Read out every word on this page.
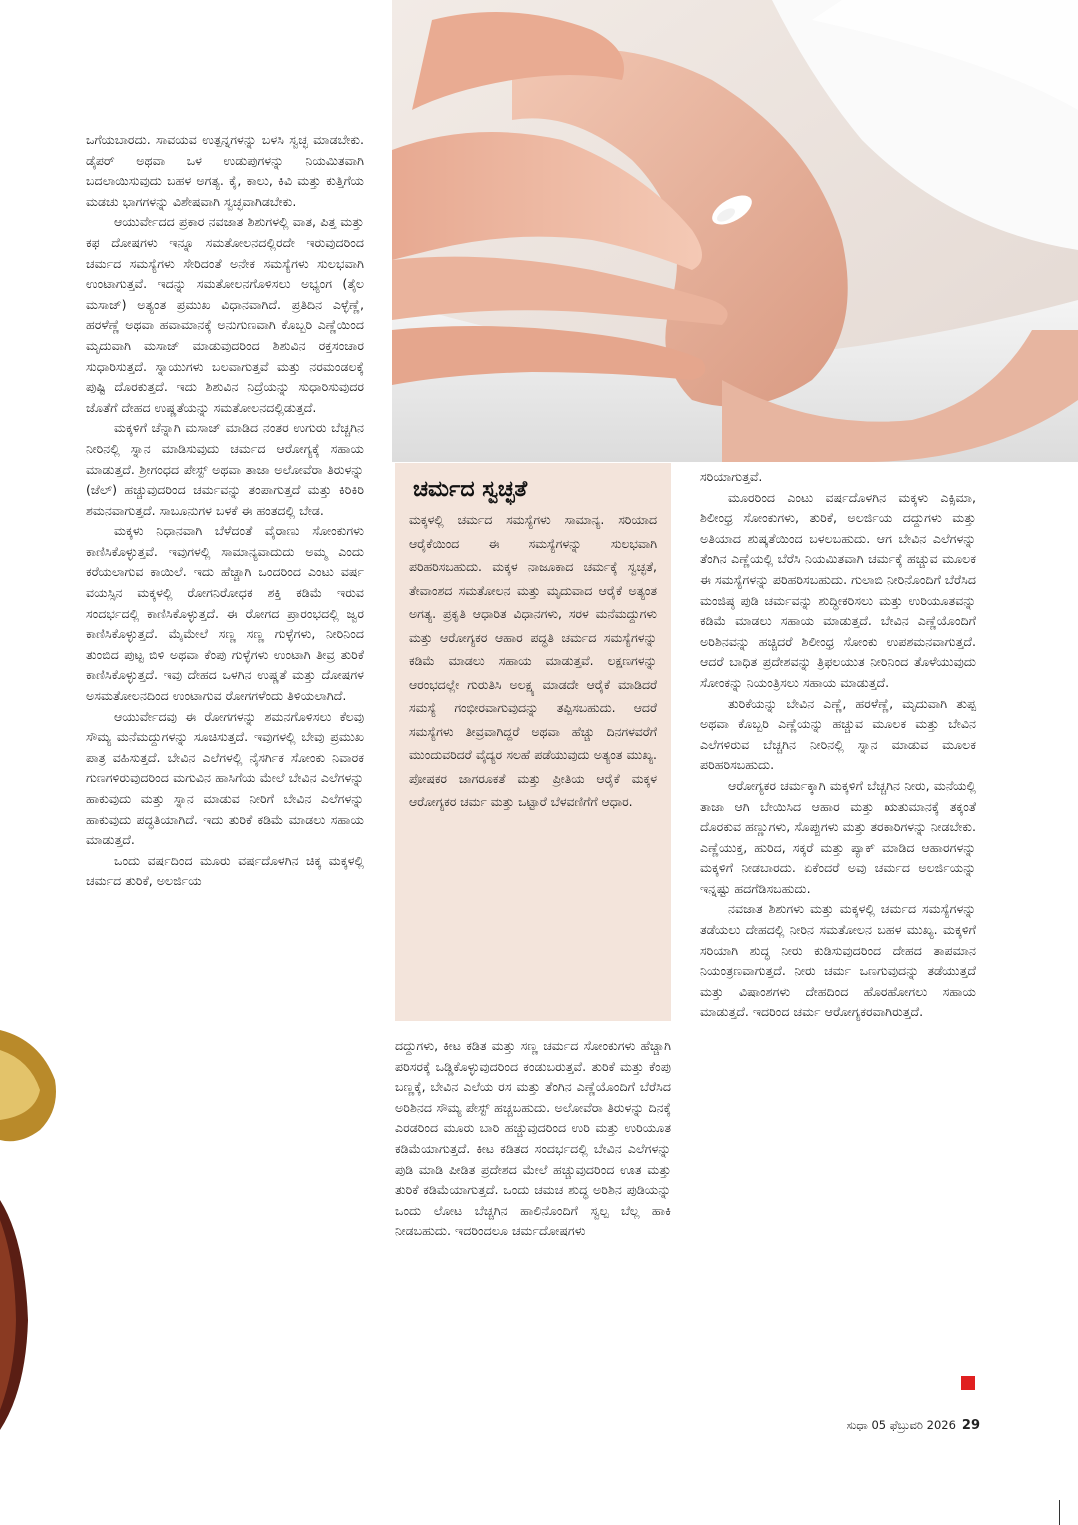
ಒಗೆಯಬಾರದು. ಸಾವಯವ ಉತ್ಪನ್ನಗಳನ್ನು ಬಳಸಿ ಸ್ವಚ್ಛ ಮಾಡಬೇಕು. ಡೈಪರ್ ಅಥವಾ ಒಳ ಉಡುಪುಗಳನ್ನು ನಿಯಮಿತವಾಗಿ ಬದಲಾಯಿಸುವುದು ಬಹಳ ಅಗತ್ಯ. ಕೈ, ಕಾಲು, ಕಿವಿ ಮತ್ತು ಕುತ್ತಿಗೆಯ ಮಡಚು ಭಾಗಗಳನ್ನು ವಿಶೇಷವಾಗಿ ಸ್ವಚ್ಛವಾಗಿಡಬೇಕು.

ಆಯುರ್ವೇದದ ಪ್ರಕಾರ ನವಜಾತ ಶಿಶುಗಳಲ್ಲಿ ವಾತ, ಪಿತ್ತ ಮತ್ತು ಕಫ ದೋಷಗಳು ಇನ್ನೂ ಸಮತೋಲನದಲ್ಲಿರದೇ ಇರುವುದರಿಂದ ಚರ್ಮದ ಸಮಸ್ಯೆಗಳು ಸೇರಿದಂತೆ ಅನೇಕ ಸಮಸ್ಯೆಗಳು ಸುಲಭವಾಗಿ ಉಂಟಾಗುತ್ತವೆ. ಇದನ್ನು ಸಮತೋಲನಗೊಳಿಸಲು ಅಭ್ಯಂಗ (ತೈಲ ಮಸಾಜ್) ಅತ್ಯಂತ ಪ್ರಮುಖ ವಿಧಾನವಾಗಿದೆ. ಪ್ರತಿದಿನ ಎಳ್ಳೆಣ್ಣೆ, ಹರಳೆಣ್ಣೆ ಅಥವಾ ಹವಾಮಾನಕ್ಕೆ ಅನುಗುಣವಾಗಿ ಕೊಬ್ಬರಿ ಎಣ್ಣೆಯಿಂದ ಮೃದುವಾಗಿ ಮಸಾಜ್ ಮಾಡುವುದರಿಂದ ಶಿಶುವಿನ ರಕ್ತಸಂಚಾರ ಸುಧಾರಿಸುತ್ತದೆ. ಸ್ನಾಯುಗಳು ಬಲವಾಗುತ್ತವೆ ಮತ್ತು ನರಮಂಡಲಕ್ಕೆ ಪುಷ್ಟಿ ದೊರಕುತ್ತದೆ. ಇದು ಶಿಶುವಿನ ನಿದ್ರೆಯನ್ನು ಸುಧಾರಿಸುವುದರ ಜೊತೆಗೆ ದೇಹದ ಉಷ್ಣತೆಯನ್ನು ಸಮತೋಲನದಲ್ಲಿಡುತ್ತದೆ.

ಮಕ್ಕಳಿಗೆ ಚೆನ್ನಾಗಿ ಮಸಾಜ್ ಮಾಡಿದ ನಂತರ ಉಗುರು ಬೆಚ್ಚಗಿನ ನೀರಿನಲ್ಲಿ ಸ್ನಾನ ಮಾಡಿಸುವುದು ಚರ್ಮದ ಆರೋಗ್ಯಕ್ಕೆ ಸಹಾಯ ಮಾಡುತ್ತದೆ. ಶ್ರೀಗಂಧದ ಪೇಸ್ಟ್ ಅಥವಾ ತಾಜಾ ಅಲೋವೆರಾ ತಿರುಳನ್ನು (ಜೆಲ್) ಹಚ್ಚುವುದರಿಂದ ಚರ್ಮವನ್ನು ತಂಪಾಗುತ್ತದೆ ಮತ್ತು ಕಿರಿಕಿರಿ ಶಮನವಾಗುತ್ತದೆ. ಸಾಬೂನುಗಳ ಬಳಕೆ ಈ ಹಂತದಲ್ಲಿ ಬೇಡ.

ಮಕ್ಕಳು ನಿಧಾನವಾಗಿ ಬೆಳೆದಂತೆ ವೈರಾಣು ಸೋಂಕುಗಳು ಕಾಣಿಸಿಕೊಳ್ಳುತ್ತವೆ. ಇವುಗಳಲ್ಲಿ ಸಾಮಾನ್ಯವಾದುದು ಅಮ್ಮ ಎಂದು ಕರೆಯಲಾಗುವ ಕಾಯಿಲೆ. ಇದು ಹೆಚ್ಚಾಗಿ ಒಂದರಿಂದ ಎಂಟು ವರ್ಷ ವಯಸ್ಸಿನ ಮಕ್ಕಳಲ್ಲಿ ರೋಗನಿರೋಧಕ ಶಕ್ತಿ ಕಡಿಮೆ ಇರುವ ಸಂದರ್ಭದಲ್ಲಿ ಕಾಣಿಸಿಕೊಳ್ಳುತ್ತದೆ. ಈ ರೋಗದ ಪ್ರಾರಂಭದಲ್ಲಿ ಜ್ವರ ಕಾಣಿಸಿಕೊಳ್ಳುತ್ತದೆ. ಮೈಮೇಲೆ ಸಣ್ಣ ಸಣ್ಣ ಗುಳ್ಳೆಗಳು, ನೀರಿನಿಂದ ತುಂಬಿದ ಪುಟ್ಟ ಬಿಳಿ ಅಥವಾ ಕೆಂಪು ಗುಳ್ಳೆಗಳು ಉಂಟಾಗಿ ತೀವ್ರ ತುರಿಕೆ ಕಾಣಿಸಿಕೊಳ್ಳುತ್ತದೆ. ಇವು ದೇಹದ ಒಳಗಿನ ಉಷ್ಣತೆ ಮತ್ತು ದೋಷಗಳ ಅಸಮತೋಲನದಿಂದ ಉಂಟಾಗುವ ರೋಗಗಳೆಂದು ತಿಳಿಯಲಾಗಿದೆ.

ಆಯುರ್ವೇದವು ಈ ರೋಗಗಳನ್ನು ಶಮನಗೊಳಿಸಲು ಕೆಲವು ಸೌಮ್ಯ ಮನೆಮದ್ದುಗಳನ್ನು ಸೂಚಿಸುತ್ತದೆ. ಇವುಗಳಲ್ಲಿ ಬೇವು ಪ್ರಮುಖ ಪಾತ್ರ ವಹಿಸುತ್ತದೆ. ಬೇವಿನ ಎಲೆಗಳಲ್ಲಿ ನೈಸರ್ಗಿಕ ಸೋಂಕು ನಿವಾರಕ ಗುಣಗಳಿರುವುದರಿಂದ ಮಗುವಿನ ಹಾಸಿಗೆಯ ಮೇಲೆ ಬೇವಿನ ಎಲೆಗಳನ್ನು ಹಾಕುವುದು ಮತ್ತು ಸ್ನಾನ ಮಾಡುವ ನೀರಿಗೆ ಬೇವಿನ ಎಲೆಗಳನ್ನು ಹಾಕುವುದು ಪದ್ಧತಿಯಾಗಿದೆ. ಇದು ತುರಿಕೆ ಕಡಿಮೆ ಮಾಡಲು ಸಹಾಯ ಮಾಡುತ್ತದೆ.

ಒಂದು ವರ್ಷದಿಂದ ಮೂರು ವರ್ಷದೊಳಗಿನ ಚಿಕ್ಕ ಮಕ್ಕಳಲ್ಲಿ ಚರ್ಮದ ತುರಿಕೆ, ಅಲರ್ಜಿಯ

ಚರ್ಮದ ಸ್ವಚ್ಛತೆ
ಮಕ್ಕಳಲ್ಲಿ ಚರ್ಮದ ಸಮಸ್ಯೆಗಳು ಸಾಮಾನ್ಯ. ಸರಿಯಾದ ಆರೈಕೆಯಿಂದ ಈ ಸಮಸ್ಯೆಗಳನ್ನು ಸುಲಭವಾಗಿ ಪರಿಹರಿಸಬಹುದು. ಮಕ್ಕಳ ನಾಜೂಕಾದ ಚರ್ಮಕ್ಕೆ ಸ್ವಚ್ಛತೆ, ತೇವಾಂಶದ ಸಮತೋಲನ ಮತ್ತು ಮೃದುವಾದ ಆರೈಕೆ ಅತ್ಯಂತ ಅಗತ್ಯ. ಪ್ರಕೃತಿ ಆಧಾರಿತ ವಿಧಾನಗಳು, ಸರಳ ಮನೆಮದ್ದುಗಳು ಮತ್ತು ಆರೋಗ್ಯಕರ ಆಹಾರ ಪದ್ಧತಿ ಚರ್ಮದ ಸಮಸ್ಯೆಗಳನ್ನು ಕಡಿಮೆ ಮಾಡಲು ಸಹಾಯ ಮಾಡುತ್ತವೆ. ಲಕ್ಷಣಗಳನ್ನು ಆರಂಭದಲ್ಲೇ ಗುರುತಿಸಿ ಅಲಕ್ಷ್ಯ ಮಾಡದೇ ಆರೈಕೆ ಮಾಡಿದರೆ ಸಮಸ್ಯೆ ಗಂಭೀರವಾಗುವುದನ್ನು ತಪ್ಪಿಸಬಹುದು. ಆದರೆ ಸಮಸ್ಯೆಗಳು ತೀವ್ರವಾಗಿದ್ದರೆ ಅಥವಾ ಹೆಚ್ಚು ದಿನಗಳವರೆಗೆ ಮುಂದುವರಿದರೆ ವೈದ್ಯರ ಸಲಹೆ ಪಡೆಯುವುದು ಅತ್ಯಂತ ಮುಖ್ಯ. ಪೋಷಕರ ಜಾಗರೂಕತೆ ಮತ್ತು ಪ್ರೀತಿಯ ಆರೈಕೆ ಮಕ್ಕಳ ಆರೋಗ್ಯಕರ ಚರ್ಮ ಮತ್ತು ಒಟ್ಟಾರೆ ಬೆಳವಣಿಗೆಗೆ ಆಧಾರ.

ದದ್ದುಗಳು, ಕೀಟ ಕಡಿತ ಮತ್ತು ಸಣ್ಣ ಚರ್ಮದ ಸೋಂಕುಗಳು ಹೆಚ್ಚಾಗಿ ಪರಿಸರಕ್ಕೆ ಒಡ್ಡಿಕೊಳ್ಳುವುದರಿಂದ ಕಂಡುಬರುತ್ತವೆ. ತುರಿಕೆ ಮತ್ತು ಕೆಂಪು ಬಣ್ಣಕ್ಕೆ, ಬೇವಿನ ಎಲೆಯ ರಸ ಮತ್ತು ತೆಂಗಿನ ಎಣ್ಣೆಯೊಂದಿಗೆ ಬೆರೆಸಿದ ಅರಿಶಿನದ ಸೌಮ್ಯ ಪೇಸ್ಟ್ ಹಚ್ಚಬಹುದು. ಅಲೋವೆರಾ ತಿರುಳನ್ನು ದಿನಕ್ಕೆ ಎರಡರಿಂದ ಮೂರು ಬಾರಿ ಹಚ್ಚುವುದರಿಂದ ಉರಿ ಮತ್ತು ಉರಿಯೂತ ಕಡಿಮೆಯಾಗುತ್ತದೆ. ಕೀಟ ಕಡಿತದ ಸಂದರ್ಭದಲ್ಲಿ ಬೇವಿನ ಎಲೆಗಳನ್ನು ಪುಡಿ ಮಾಡಿ ಪೀಡಿತ ಪ್ರದೇಶದ ಮೇಲೆ ಹಚ್ಚುವುದರಿಂದ ಊತ ಮತ್ತು ತುರಿಕೆ ಕಡಿಮೆಯಾಗುತ್ತದೆ. ಒಂದು ಚಮಚ ಶುದ್ಧ ಅರಿಶಿನ ಪುಡಿಯನ್ನು ಒಂದು ಲೋಟ ಬೆಚ್ಚಗಿನ ಹಾಲಿನೊಂದಿಗೆ ಸ್ವಲ್ಪ ಬೆಲ್ಲ ಹಾಕಿ ನೀಡಬಹುದು. ಇದರಿಂದಲೂ ಚರ್ಮದೋಷಗಳು

ಸರಿಯಾಗುತ್ತವೆ.

ಮೂರರಿಂದ ಎಂಟು ವರ್ಷದೊಳಗಿನ ಮಕ್ಕಳು ಎಕ್ಸಿಮಾ, ಶಿಲೀಂಧ್ರ ಸೋಂಕುಗಳು, ತುರಿಕೆ, ಅಲರ್ಜಿಯ ದದ್ದುಗಳು ಮತ್ತು ಅತಿಯಾದ ಶುಷ್ಕತೆಯಿಂದ ಬಳಲಬಹುದು. ಆಗ ಬೇವಿನ ಎಲೆಗಳನ್ನು ತೆಂಗಿನ ಎಣ್ಣೆಯಲ್ಲಿ ಬೆರೆಸಿ ನಿಯಮಿತವಾಗಿ ಚರ್ಮಕ್ಕೆ ಹಚ್ಚುವ ಮೂಲಕ ಈ ಸಮಸ್ಯೆಗಳನ್ನು ಪರಿಹರಿಸಬಹುದು. ಗುಲಾಬಿ ನೀರಿನೊಂದಿಗೆ ಬೆರೆಸಿದ ಮಂಜಿಷ್ಠ ಪುಡಿ ಚರ್ಮವನ್ನು ಶುದ್ಧೀಕರಿಸಲು ಮತ್ತು ಉರಿಯೂತವನ್ನು ಕಡಿಮೆ ಮಾಡಲು ಸಹಾಯ ಮಾಡುತ್ತದೆ. ಬೇವಿನ ಎಣ್ಣೆಯೊಂದಿಗೆ ಅರಿಶಿನವನ್ನು ಹಚ್ಚಿದರೆ ಶಿಲೀಂಧ್ರ ಸೋಂಕು ಉಪಶಮನವಾಗುತ್ತದೆ. ಆದರೆ ಬಾಧಿತ ಪ್ರದೇಶವನ್ನು ತ್ರಿಫಲಯುತ ನೀರಿನಿಂದ ತೊಳೆಯುವುದು ಸೋಂಕನ್ನು ನಿಯಂತ್ರಿಸಲು ಸಹಾಯ ಮಾಡುತ್ತದೆ.

ತುರಿಕೆಯನ್ನು ಬೇವಿನ ಎಣ್ಣೆ, ಹರಳೆಣ್ಣೆ, ಮೃದುವಾಗಿ ತುಪ್ಪ ಅಥವಾ ಕೊಬ್ಬರಿ ಎಣ್ಣೆಯನ್ನು ಹಚ್ಚುವ ಮೂಲಕ ಮತ್ತು ಬೇವಿನ ಎಲೆಗಳಿರುವ ಬೆಚ್ಚಗಿನ ನೀರಿನಲ್ಲಿ ಸ್ನಾನ ಮಾಡುವ ಮೂಲಕ ಪರಿಹರಿಸಬಹುದು.

ಆರೋಗ್ಯಕರ ಚರ್ಮಕ್ಕಾಗಿ ಮಕ್ಕಳಿಗೆ ಬೆಚ್ಚಗಿನ ನೀರು, ಮನೆಯಲ್ಲಿ ತಾಜಾ ಆಗಿ ಬೇಯಿಸಿದ ಆಹಾರ ಮತ್ತು ಋತುಮಾನಕ್ಕೆ ತಕ್ಕಂತೆ ದೊರಕುವ ಹಣ್ಣುಗಳು, ಸೊಪ್ಪುಗಳು ಮತ್ತು ತರಕಾರಿಗಳನ್ನು ನೀಡಬೇಕು. ಎಣ್ಣೆಯುಕ್ತ, ಹುರಿದ, ಸಕ್ಕರೆ ಮತ್ತು ಪ್ಯಾಕ್ ಮಾಡಿದ ಆಹಾರಗಳನ್ನು ಮಕ್ಕಳಿಗೆ ನೀಡಬಾರದು. ಏಕೆಂದರೆ ಅವು ಚರ್ಮದ ಅಲರ್ಜಿಯನ್ನು ಇನ್ನಷ್ಟು ಹದಗೆಡಿಸಬಹುದು.

ನವಜಾತ ಶಿಶುಗಳು ಮತ್ತು ಮಕ್ಕಳಲ್ಲಿ ಚರ್ಮದ ಸಮಸ್ಯೆಗಳನ್ನು ತಡೆಯಲು ದೇಹದಲ್ಲಿ ನೀರಿನ ಸಮತೋಲನ ಬಹಳ ಮುಖ್ಯ. ಮಕ್ಕಳಿಗೆ ಸರಿಯಾಗಿ ಶುದ್ಧ ನೀರು ಕುಡಿಸುವುದರಿಂದ ದೇಹದ ತಾಪಮಾನ ನಿಯಂತ್ರಣವಾಗುತ್ತದೆ. ನೀರು ಚರ್ಮ ಒಣಗುವುದನ್ನು ತಡೆಯುತ್ತದೆ ಮತ್ತು ವಿಷಾಂಶಗಳು ದೇಹದಿಂದ ಹೊರಹೋಗಲು ಸಹಾಯ ಮಾಡುತ್ತದೆ. ಇದರಿಂದ ಚರ್ಮ ಆರೋಗ್ಯಕರವಾಗಿರುತ್ತದೆ.

ಸುಧಾ 05 ಫೆಬ್ರುವರಿ 2026 29
